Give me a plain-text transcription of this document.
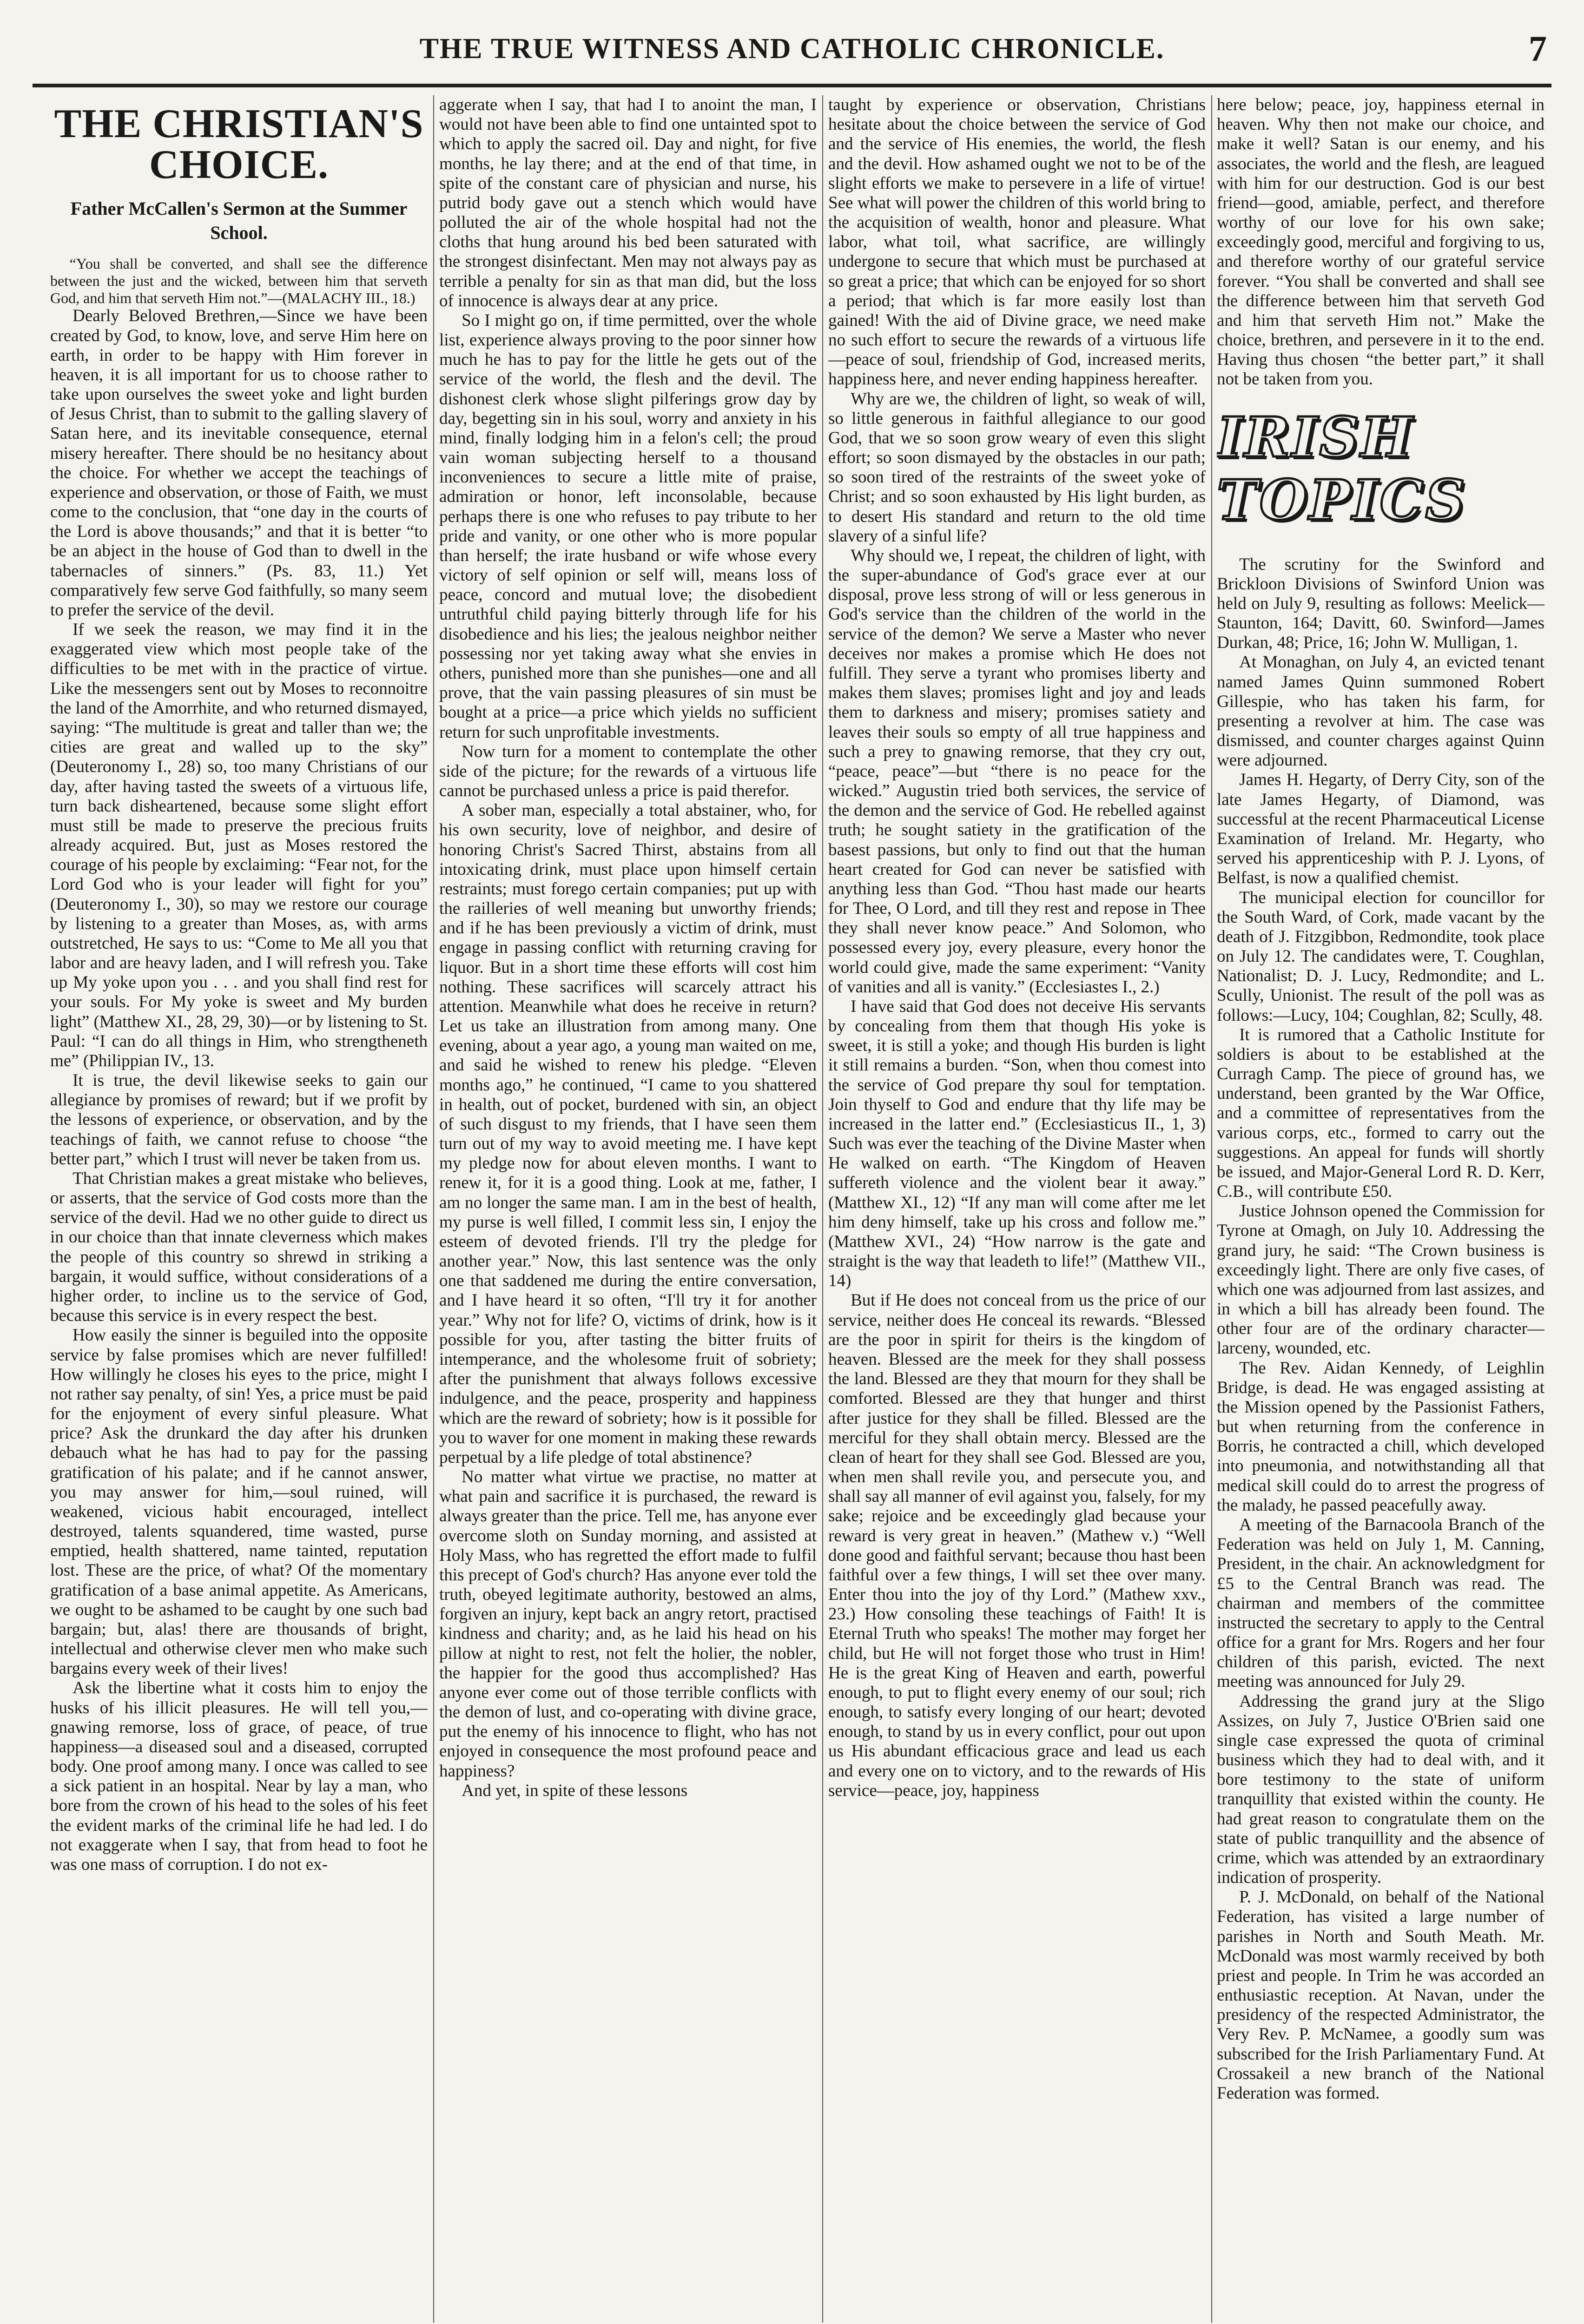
THE TRUE WITNESS AND CATHOLIC CHRONICLE.	7
THE CHRISTIAN'S CHOICE.
Father McCallen's Sermon at the Summer School.

“You shall be converted, and shall see the difference between the just and the wicked, between him that serveth God, and him that serveth Him not.”—(MALACHY III., 18.)

Dearly Beloved Brethren,—Since we have been created by God, to know, love, and serve Him here on earth, in order to be happy with Him forever in heaven, it is all important for us to choose rather to take upon ourselves the sweet yoke and light burden of Jesus Christ, than to submit to the galling slavery of Satan here, and its inevitable consequence, eternal misery hereafter. There should be no hesitancy about the choice. For whether we accept the teachings of experience and observation, or those of Faith, we must come to the conclusion, that “one day in the courts of the Lord is above thousands;” and that it is better “to be an abject in the house of God than to dwell in the tabernacles of sinners.” (Ps. 83, 11.) Yet comparatively few serve God faithfully, so many seem to prefer the service of the devil.

If we seek the reason, we may find it in the exaggerated view which most people take of the difficulties to be met with in the practice of virtue. Like the messengers sent out by Moses to reconnoitre the land of the Amorrhite, and who returned dismayed, saying: “The multitude is great and taller than we; the cities are great and walled up to the sky” (Deuteronomy I., 28) so, too many Christians of our day, after having tasted the sweets of a virtuous life, turn back disheartened, because some slight effort must still be made to preserve the precious fruits already acquired. But, just as Moses restored the courage of his people by exclaiming: “Fear not, for the Lord God who is your leader will fight for you” (Deuteronomy I., 30), so may we restore our courage by listening to a greater than Moses, as, with arms outstretched, He says to us: “Come to Me all you that labor and are heavy laden, and I will refresh you. Take up My yoke upon you . . . and you shall find rest for your souls. For My yoke is sweet and My burden light” (Matthew XI., 28, 29, 30)—or by listening to St. Paul: “I can do all things in Him, who strengtheneth me” (Philippian IV., 13.

It is true, the devil likewise seeks to gain our allegiance by promises of reward; but if we profit by the lessons of experience, or observation, and by the teachings of faith, we cannot refuse to choose “the better part,” which I trust will never be taken from us.

That Christian makes a great mistake who believes, or asserts, that the service of God costs more than the service of the devil. Had we no other guide to direct us in our choice than that innate cleverness which makes the people of this country so shrewd in striking a bargain, it would suffice, without considerations of a higher order, to incline us to the service of God, because this service is in every respect the best.

How easily the sinner is beguiled into the opposite service by false promises which are never fulfilled! How willingly he closes his eyes to the price, might I not rather say penalty, of sin! Yes, a price must be paid for the enjoyment of every sinful pleasure. What price? Ask the drunkard the day after his drunken debauch what he has had to pay for the passing gratification of his palate; and if he cannot answer, you may answer for him,—soul ruined, will weakened, vicious habit encouraged, intellect destroyed, talents squandered, time wasted, purse emptied, health shattered, name tainted, reputation lost. These are the price, of what? Of the momentary gratification of a base animal appetite. As Americans, we ought to be ashamed to be caught by one such bad bargain; but, alas! there are thousands of bright, intellectual and otherwise clever men who make such bargains every week of their lives!

Ask the libertine what it costs him to enjoy the husks of his illicit pleasures. He will tell you,—gnawing remorse, loss of grace, of peace, of true happiness—a diseased soul and a diseased, corrupted body. One proof among many. I once was called to see a sick patient in an hospital. Near by lay a man, who bore from the crown of his head to the soles of his feet the evident marks of the criminal life he had led. I do not exaggerate when I say, that from head to foot he was one mass of corruption. I do not ex-

aggerate when I say, that had I to anoint the man, I would not have been able to find one untainted spot to which to apply the sacred oil. Day and night, for five months, he lay there; and at the end of that time, in spite of the constant care of physician and nurse, his putrid body gave out a stench which would have polluted the air of the whole hospital had not the cloths that hung around his bed been saturated with the strongest disinfectant. Men may not always pay as terrible a penalty for sin as that man did, but the loss of innocence is always dear at any price.

So I might go on, if time permitted, over the whole list, experience always proving to the poor sinner how much he has to pay for the little he gets out of the service of the world, the flesh and the devil. The dishonest clerk whose slight pilferings grow day by day, begetting sin in his soul, worry and anxiety in his mind, finally lodging him in a felon's cell; the proud vain woman subjecting herself to a thousand inconveniences to secure a little mite of praise, admiration or honor, left inconsolable, because perhaps there is one who refuses to pay tribute to her pride and vanity, or one other who is more popular than herself; the irate husband or wife whose every victory of self opinion or self will, means loss of peace, concord and mutual love; the disobedient untruthful child paying bitterly through life for his disobedience and his lies; the jealous neighbor neither possessing nor yet taking away what she envies in others, punished more than she punishes—one and all prove, that the vain passing pleasures of sin must be bought at a price—a price which yields no sufficient return for such unprofitable investments.

Now turn for a moment to contemplate the other side of the picture; for the rewards of a virtuous life cannot be purchased unless a price is paid therefor.

A sober man, especially a total abstainer, who, for his own security, love of neighbor, and desire of honoring Christ's Sacred Thirst, abstains from all intoxicating drink, must place upon himself certain restraints; must forego certain companies; put up with the railleries of well meaning but unworthy friends; and if he has been previously a victim of drink, must engage in passing conflict with returning craving for liquor. But in a short time these efforts will cost him nothing. These sacrifices will scarcely attract his attention. Meanwhile what does he receive in return? Let us take an illustration from among many. One evening, about a year ago, a young man waited on me, and said he wished to renew his pledge. “Eleven months ago,” he continued, “I came to you shattered in health, out of pocket, burdened with sin, an object of such disgust to my friends, that I have seen them turn out of my way to avoid meeting me. I have kept my pledge now for about eleven months. I want to renew it, for it is a good thing. Look at me, father, I am no longer the same man. I am in the best of health, my purse is well filled, I commit less sin, I enjoy the esteem of devoted friends. I'll try the pledge for another year.” Now, this last sentence was the only one that saddened me during the entire conversation, and I have heard it so often, “I'll try it for another year.” Why not for life? O, victims of drink, how is it possible for you, after tasting the bitter fruits of intemperance, and the wholesome fruit of sobriety; after the punishment that always follows excessive indulgence, and the peace, prosperity and happiness which are the reward of sobriety; how is it possible for you to waver for one moment in making these rewards perpetual by a life pledge of total abstinence?

No matter what virtue we practise, no matter at what pain and sacrifice it is purchased, the reward is always greater than the price. Tell me, has anyone ever overcome sloth on Sunday morning, and assisted at Holy Mass, who has regretted the effort made to fulfil this precept of God's church? Has anyone ever told the truth, obeyed legitimate authority, bestowed an alms, forgiven an injury, kept back an angry retort, practised kindness and charity; and, as he laid his head on his pillow at night to rest, not felt the holier, the nobler, the happier for the good thus accomplished? Has anyone ever come out of those terrible conflicts with the demon of lust, and co-operating with divine grace, put the enemy of his innocence to flight, who has not enjoyed in consequence the most profound peace and happiness?

And yet, in spite of these lessons

taught by experience or observation, Christians hesitate about the choice between the service of God and the service of His enemies, the world, the flesh and the devil. How ashamed ought we not to be of the slight efforts we make to persevere in a life of virtue! See what will power the children of this world bring to the acquisition of wealth, honor and pleasure. What labor, what toil, what sacrifice, are willingly undergone to secure that which must be purchased at so great a price; that which can be enjoyed for so short a period; that which is far more easily lost than gained! With the aid of Divine grace, we need make no such effort to secure the rewards of a virtuous life—peace of soul, friendship of God, increased merits, happiness here, and never ending happiness hereafter.

Why are we, the children of light, so weak of will, so little generous in faithful allegiance to our good God, that we so soon grow weary of even this slight effort; so soon dismayed by the obstacles in our path; so soon tired of the restraints of the sweet yoke of Christ; and so soon exhausted by His light burden, as to desert His standard and return to the old time slavery of a sinful life?

Why should we, I repeat, the children of light, with the super-abundance of God's grace ever at our disposal, prove less strong of will or less generous in God's service than the children of the world in the service of the demon? We serve a Master who never deceives nor makes a promise which He does not fulfill. They serve a tyrant who promises liberty and makes them slaves; promises light and joy and leads them to darkness and misery; promises satiety and leaves their souls so empty of all true happiness and such a prey to gnawing remorse, that they cry out, “peace, peace”—but “there is no peace for the wicked.” Augustin tried both services, the service of the demon and the service of God. He rebelled against truth; he sought satiety in the gratification of the basest passions, but only to find out that the human heart created for God can never be satisfied with anything less than God. “Thou hast made our hearts for Thee, O Lord, and till they rest and repose in Thee they shall never know peace.” And Solomon, who possessed every joy, every pleasure, every honor the world could give, made the same experiment: “Vanity of vanities and all is vanity.” (Ecclesiastes I., 2.)

I have said that God does not deceive His servants by concealing from them that though His yoke is sweet, it is still a yoke; and though His burden is light it still remains a burden. “Son, when thou comest into the service of God prepare thy soul for temptation. Join thyself to God and endure that thy life may be increased in the latter end.” (Ecclesiasticus II., 1, 3) Such was ever the teaching of the Divine Master when He walked on earth. “The Kingdom of Heaven suffereth violence and the violent bear it away.” (Matthew XI., 12) “If any man will come after me let him deny himself, take up his cross and follow me.” (Matthew XVI., 24) “How narrow is the gate and straight is the way that leadeth to life!” (Matthew VII., 14)

But if He does not conceal from us the price of our service, neither does He conceal its rewards. “Blessed are the poor in spirit for theirs is the kingdom of heaven. Blessed are the meek for they shall possess the land. Blessed are they that mourn for they shall be comforted. Blessed are they that hunger and thirst after justice for they shall be filled. Blessed are the merciful for they shall obtain mercy. Blessed are the clean of heart for they shall see God. Blessed are you, when men shall revile you, and persecute you, and shall say all manner of evil against you, falsely, for my sake; rejoice and be exceedingly glad because your reward is very great in heaven.” (Mathew v.) “Well done good and faithful servant; because thou hast been faithful over a few things, I will set thee over many. Enter thou into the joy of thy Lord.” (Mathew xxv., 23.) How consoling these teachings of Faith! It is Eternal Truth who speaks! The mother may forget her child, but He will not forget those who trust in Him! He is the great King of Heaven and earth, powerful enough, to put to flight every enemy of our soul; rich enough, to satisfy every longing of our heart; devoted enough, to stand by us in every conflict, pour out upon us His abundant efficacious grace and lead us each and every one on to victory, and to the rewards of His service—peace, joy, happiness

here below; peace, joy, happiness eternal in heaven. Why then not make our choice, and make it well? Satan is our enemy, and his associates, the world and the flesh, are leagued with him for our destruction. God is our best friend—good, amiable, perfect, and therefore worthy of our love for his own sake; exceedingly good, merciful and forgiving to us, and therefore worthy of our grateful service forever. “You shall be converted and shall see the difference between him that serveth God and him that serveth Him not.” Make the choice, brethren, and persevere in it to the end. Having thus chosen “the better part,” it shall not be taken from you.

IRISH TOPICS

The scrutiny for the Swinford and Brickloon Divisions of Swinford Union was held on July 9, resulting as follows: Meelick—Staunton, 164; Davitt, 60. Swinford—James Durkan, 48; Price, 16; John W. Mulligan, 1.

At Monaghan, on July 4, an evicted tenant named James Quinn summoned Robert Gillespie, who has taken his farm, for presenting a revolver at him. The case was dismissed, and counter charges against Quinn were adjourned.

James H. Hegarty, of Derry City, son of the late James Hegarty, of Diamond, was successful at the recent Pharmaceutical License Examination of Ireland. Mr. Hegarty, who served his apprenticeship with P. J. Lyons, of Belfast, is now a qualified chemist.

The municipal election for councillor for the South Ward, of Cork, made vacant by the death of J. Fitzgibbon, Redmondite, took place on July 12. The candidates were, T. Coughlan, Nationalist; D. J. Lucy, Redmondite; and L. Scully, Unionist. The result of the poll was as follows:—Lucy, 104; Coughlan, 82; Scully, 48.

It is rumored that a Catholic Institute for soldiers is about to be established at the Curragh Camp. The piece of ground has, we understand, been granted by the War Office, and a committee of representatives from the various corps, etc., formed to carry out the suggestions. An appeal for funds will shortly be issued, and Major-General Lord R. D. Kerr, C.B., will contribute £50.

Justice Johnson opened the Commission for Tyrone at Omagh, on July 10. Addressing the grand jury, he said: “The Crown business is exceedingly light. There are only five cases, of which one was adjourned from last assizes, and in which a bill has already been found. The other four are of the ordinary character—larceny, wounded, etc.

The Rev. Aidan Kennedy, of Leighlin Bridge, is dead. He was engaged assisting at the Mission opened by the Passionist Fathers, but when returning from the conference in Borris, he contracted a chill, which developed into pneumonia, and notwithstanding all that medical skill could do to arrest the progress of the malady, he passed peacefully away.

A meeting of the Barnacoola Branch of the Federation was held on July 1, M. Canning, President, in the chair. An acknowledgment for £5 to the Central Branch was read. The chairman and members of the committee instructed the secretary to apply to the Central office for a grant for Mrs. Rogers and her four children of this parish, evicted. The next meeting was announced for July 29.

Addressing the grand jury at the Sligo Assizes, on July 7, Justice O'Brien said one single case expressed the quota of criminal business which they had to deal with, and it bore testimony to the state of uniform tranquillity that existed within the county. He had great reason to congratulate them on the state of public tranquillity and the absence of crime, which was attended by an extraordinary indication of prosperity.

P. J. McDonald, on behalf of the National Federation, has visited a large number of parishes in North and South Meath. Mr. McDonald was most warmly received by both priest and people. In Trim he was accorded an enthusiastic reception. At Navan, under the presidency of the respected Administrator, the Very Rev. P. McNamee, a goodly sum was subscribed for the Irish Parliamentary Fund. At Crossakeil a new branch of the National Federation was formed.
